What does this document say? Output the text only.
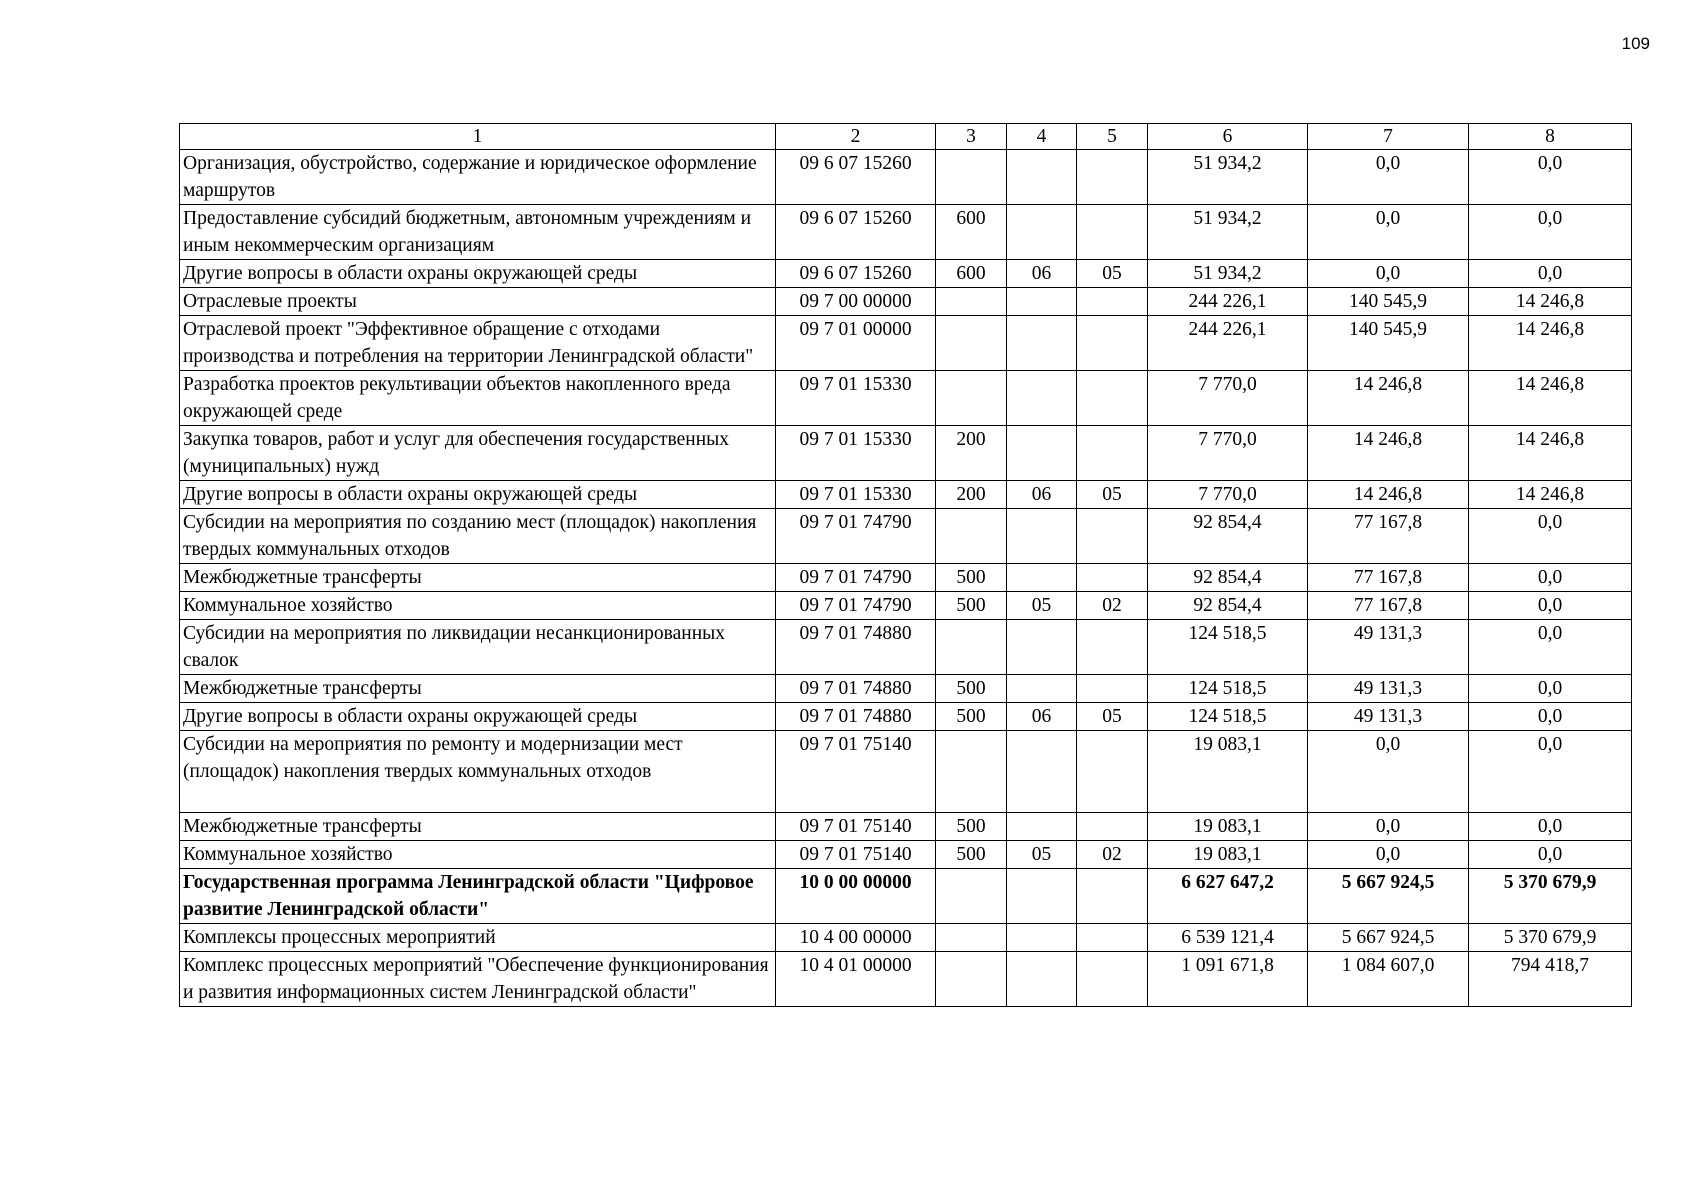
109
1	2	3	4	5	6	7	8
Организация, обустройство, содержание и юридическое оформление маршрутов	09 6 07 15260				51 934,2	0,0	0,0
Предоставление субсидий бюджетным, автономным учреждениям и иным некоммерческим организациям	09 6 07 15260	600			51 934,2	0,0	0,0
Другие вопросы в области охраны окружающей среды	09 6 07 15260	600	06	05	51 934,2	0,0	0,0
Отраслевые проекты	09 7 00 00000				244 226,1	140 545,9	14 246,8
Отраслевой проект "Эффективное обращение с отходами производства и потребления на территории Ленинградской области"	09 7 01 00000				244 226,1	140 545,9	14 246,8
Разработка проектов рекультивации объектов накопленного вреда окружающей среде	09 7 01 15330				7 770,0	14 246,8	14 246,8
Закупка товаров, работ и услуг для обеспечения государственных (муниципальных) нужд	09 7 01 15330	200			7 770,0	14 246,8	14 246,8
Другие вопросы в области охраны окружающей среды	09 7 01 15330	200	06	05	7 770,0	14 246,8	14 246,8
Субсидии на мероприятия по созданию мест (площадок) накопления твердых коммунальных отходов	09 7 01 74790				92 854,4	77 167,8	0,0
Межбюджетные трансферты	09 7 01 74790	500			92 854,4	77 167,8	0,0
Коммунальное хозяйство	09 7 01 74790	500	05	02	92 854,4	77 167,8	0,0
Субсидии на мероприятия по ликвидации несанкционированных свалок	09 7 01 74880				124 518,5	49 131,3	0,0
Межбюджетные трансферты	09 7 01 74880	500			124 518,5	49 131,3	0,0
Другие вопросы в области охраны окружающей среды	09 7 01 74880	500	06	05	124 518,5	49 131,3	0,0
Субсидии на мероприятия по ремонту и модернизации мест (площадок) накопления твердых коммунальных отходов	09 7 01 75140				19 083,1	0,0	0,0
Межбюджетные трансферты	09 7 01 75140	500			19 083,1	0,0	0,0
Коммунальное хозяйство	09 7 01 75140	500	05	02	19 083,1	0,0	0,0
Государственная программа Ленинградской области "Цифровое развитие Ленинградской области"	10 0 00 00000				6 627 647,2	5 667 924,5	5 370 679,9
Комплексы процессных мероприятий	10 4 00 00000				6 539 121,4	5 667 924,5	5 370 679,9
Комплекс процессных мероприятий "Обеспечение функционирования и развития информационных систем Ленинградской области"	10 4 01 00000				1 091 671,8	1 084 607,0	794 418,7
